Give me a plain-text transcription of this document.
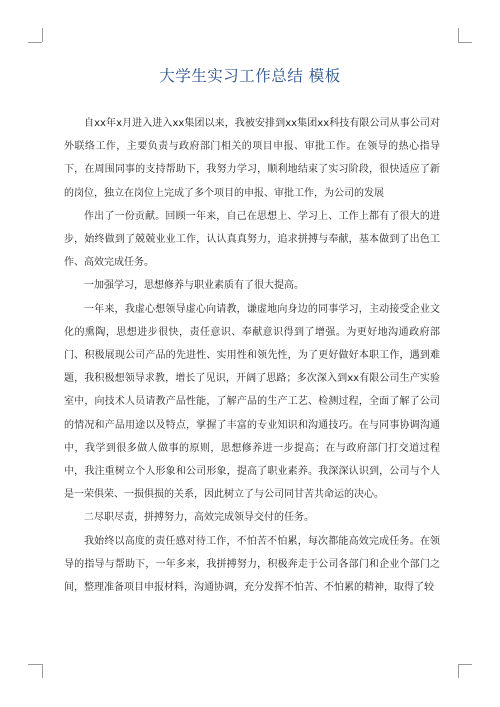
大学生实习工作总结 模板

自xx年x月进入进入xx集团以来，我被安排到xx集团xx科技有限公司从事公司对外联络工作，主要负责与政府部门相关的项目申报、审批工作。在领导的热心指导下，在周围同事的支持帮助下，我努力学习，顺利地结束了实习阶段，很快适应了新的岗位，独立在岗位上完成了多个项目的申报、审批工作，为公司的发展

作出了一份贡献。回顾一年来，自己在思想上、学习上、工作上都有了很大的进步，始终做到了兢兢业业工作，认认真真努力，追求拼搏与奉献，基本做到了出色工作、高效完成任务。

一加强学习，思想修养与职业素质有了很大提高。

一年来，我虚心想领导虚心向请教，谦虚地向身边的同事学习，主动接受企业文化的熏陶，思想进步很快，责任意识、奉献意识得到了增强。为更好地沟通政府部门、积极展现公司产品的先进性、实用性和领先性，为了更好做好本职工作，遇到难题，我积极想领导求教，增长了见识，开阔了思路；多次深入到xx有限公司生产实验室中，向技术人员请教产品性能，了解产品的生产工艺、检测过程，全面了解了公司的情况和产品用途以及特点，掌握了丰富的专业知识和沟通技巧。在与同事协调沟通中，我学到很多做人做事的原则，思想修养进一步提高；在与政府部门打交道过程中，我注重树立个人形象和公司形象，提高了职业素养。我深深认识到，公司与个人是一荣俱荣、一损俱损的关系，因此树立了与公司同甘苦共命运的决心。

二尽职尽责，拼搏努力，高效完成领导交付的任务。

我始终以高度的责任感对待工作，不怕苦不怕累，每次都能高效完成任务。在领导的指导与帮助下，一年多来，我拼搏努力，积极奔走于公司各部门和企业个部门之间，整理准备项目申报材料，沟通协调，充分发挥不怕苦、不怕累的精神，取得了较
